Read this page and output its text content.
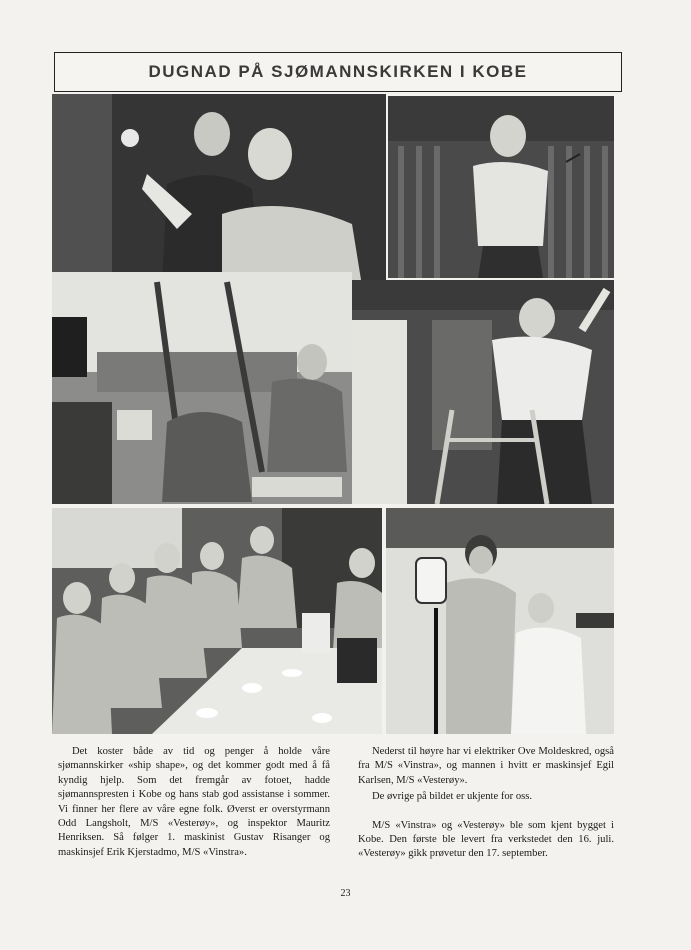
DUGNAD PÅ SJØMANNSKIRKEN I KOBE

Det koster både av tid og penger å holde våre sjømannskirker «ship shape», og det kommer godt med å få kyndig hjelp. Som det fremgår av fotoet, hadde sjømannspresten i Kobe og hans stab god assistanse i sommer. Vi finner her flere av våre egne folk. Øverst er overstyrmann Odd Langsholt, M/S «Vesterøy», og inspektor Mauritz Henriksen. Så følger 1. maskinist Gustav Risanger og maskinsjef Erik Kjerstadmo, M/S «Vinstra».

Nederst til høyre har vi elektriker Ove Moldeskred, også fra M/S «Vinstra», og mannen i hvitt er maskinsjef Egil Karlsen, M/S «Vesterøy».

De øvrige på bildet er ukjente for oss.

M/S «Vinstra» og «Vesterøy» ble som kjent bygget i Kobe. Den første ble levert fra verkstedet den 16. juli. «Vesterøy» gikk prøvetur den 17. september.

23
